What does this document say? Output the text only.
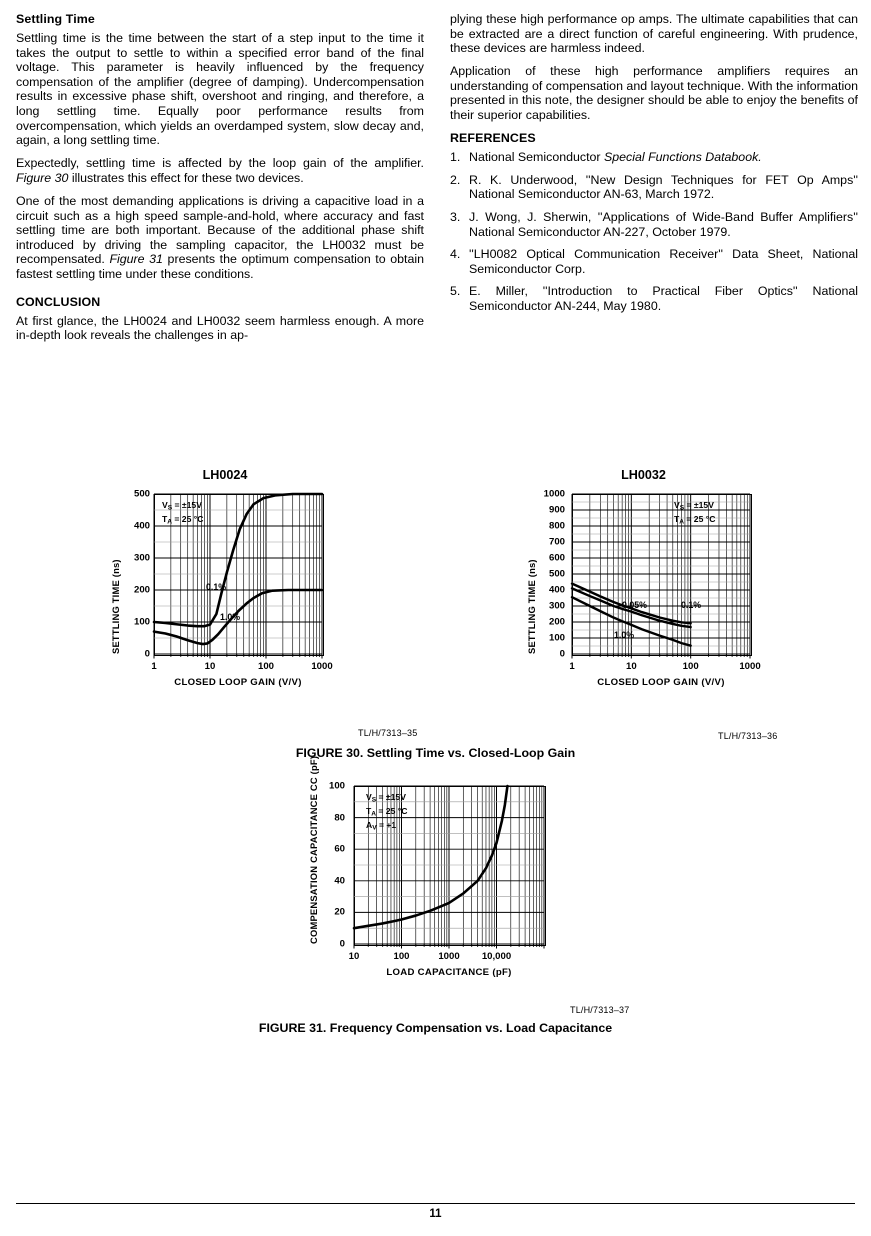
Settling Time

Settling time is the time between the start of a step input to the time it takes the output to settle to within a specified error band of the final voltage. This parameter is heavily influenced by the frequency compensation of the amplifier (degree of damping). Undercompensation results in excessive phase shift, overshoot and ringing, and therefore, a long settling time. Equally poor performance results from overcompensation, which yields an overdamped system, slow decay and, again, a long settling time.

Expectedly, settling time is affected by the loop gain of the amplifier. Figure 30 illustrates this effect for these two devices.

One of the most demanding applications is driving a capacitive load in a circuit such as a high speed sample-and-hold, where accuracy and fast settling time are both important. Because of the additional phase shift introduced by driving the sampling capacitor, the LH0032 must be recompensated. Figure 31 presents the optimum compensation to obtain fastest settling time under these conditions.

CONCLUSION

At first glance, the LH0024 and LH0032 seem harmless enough. A more in-depth look reveals the challenges in ap-

plying these high performance op amps. The ultimate capabilities that can be extracted are a direct function of careful engineering. With prudence, these devices are harmless indeed.

Application of these high performance amplifiers requires an understanding of compensation and layout technique. With the information presented in this note, the designer should be able to enjoy the benefits of their superior capabilities.

REFERENCES
1. National Semiconductor Special Functions Databook.
2. R. K. Underwood, ''New Design Techniques for FET Op Amps'' National Semiconductor AN-63, March 1972.
3. J. Wong, J. Sherwin, ''Applications of Wide-Band Buffer Amplifiers'' National Semiconductor AN-227, October 1979.
4. ''LH0082 Optical Communication Receiver'' Data Sheet, National Semiconductor Corp.
5. E. Miller, ''Introduction to Practical Fiber Optics'' National Semiconductor AN-244, May 1980.
LH0024
0
100
200
300
400
500
1	10	100	1000
CLOSED LOOP GAIN (V/V)
SETTLING TIME (ns)
$V_S = \pm 15V$
$T_A = 25$ °C
0.1%
1.0%
LH0032
0
100
200
300
400
500
600
700
800
900
1000
1	10	100	1000
CLOSED LOOP GAIN (V/V)
SETTLING TIME (ns)
$V_S = \pm 15V$
$T_A = 25$ °C
0.05%	0.1%
1.0%
TL/H/7313–35	TL/H/7313–36
FIGURE 30. Settling Time vs. Closed-Loop Gain
0
20
40
60
80
100
10	100	1000 10,000
LOAD CAPACITANCE (pF)
COMPENSATION CAPACITANCE CC (pF)
$V_S = \pm 15V$
$T_A = 25$ °C
$A_V = +1$
TL/H/7313–37
FIGURE 31. Frequency Compensation vs. Load Capacitance
11
